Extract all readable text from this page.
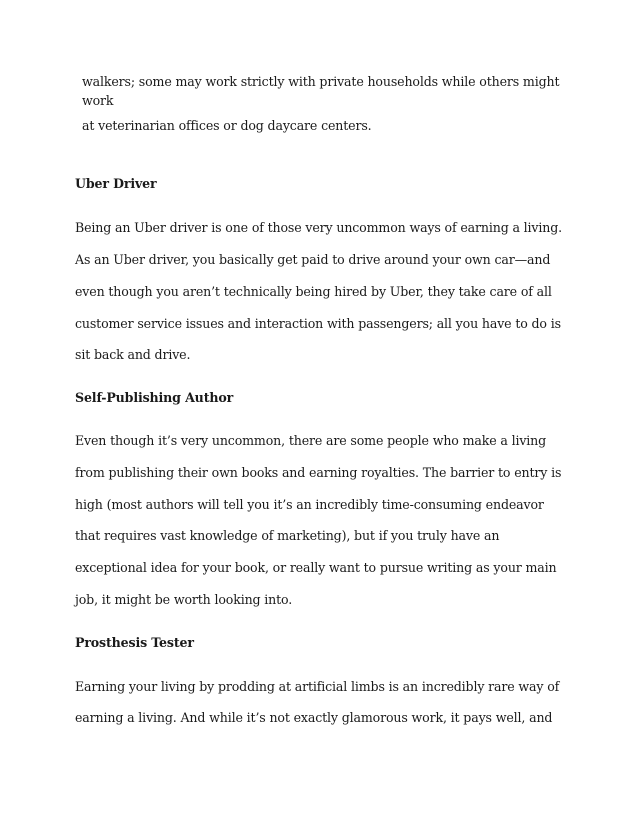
walkers; some may work strictly with private households while others might
work
at veterinarian offices or dog daycare centers.
Uber Driver
Being an Uber driver is one of those very uncommon ways of earning a living.
As an Uber driver, you basically get paid to drive around your own car—and
even though you aren’t technically being hired by Uber, they take care of all
customer service issues and interaction with passengers; all you have to do is
sit back and drive.
Self-Publishing Author
Even though it’s very uncommon, there are some people who make a living
from publishing their own books and earning royalties. The barrier to entry is
high (most authors will tell you it’s an incredibly time-consuming endeavor
that requires vast knowledge of marketing), but if you truly have an
exceptional idea for your book, or really want to pursue writing as your main
job, it might be worth looking into.
Prosthesis Tester
Earning your living by prodding at artificial limbs is an incredibly rare way of
earning a living. And while it’s not exactly glamorous work, it pays well, and
